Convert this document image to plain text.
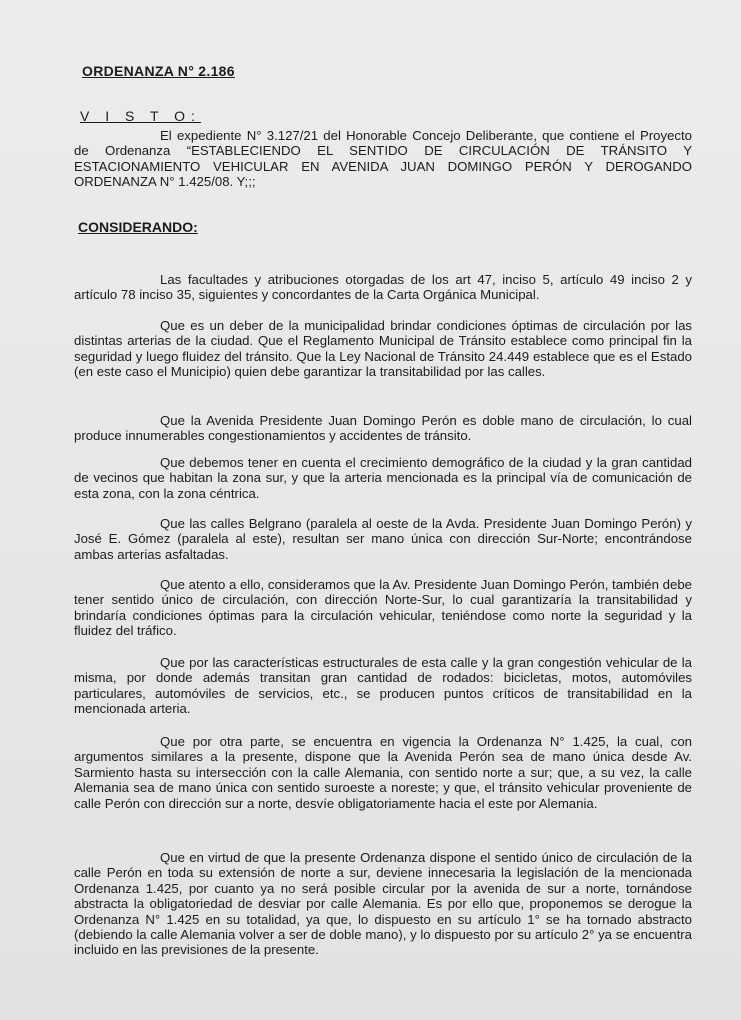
ORDENANZA N° 2.186
V I S T O:

El expediente N° 3.127/21 del Honorable Concejo Deliberante, que contiene el Proyecto de Ordenanza “ESTABLECIENDO EL SENTIDO DE CIRCULACIÓN DE TRÁNSITO Y ESTACIONAMIENTO VEHICULAR EN AVENIDA JUAN DOMINGO PERÓN Y DEROGANDO ORDENANZA N° 1.425/08. Y;;;

CONSIDERANDO:

Las facultades y atribuciones otorgadas de los art 47, inciso 5, artículo 49 inciso 2 y artículo 78 inciso 35, siguientes y concordantes de la Carta Orgánica Municipal.

Que es un deber de la municipalidad brindar condiciones óptimas de circulación por las distintas arterias de la ciudad. Que el Reglamento Municipal de Tránsito establece como principal fin la seguridad y luego fluidez del tránsito. Que la Ley Nacional de Tránsito 24.449 establece que es el Estado (en este caso el Municipio) quien debe garantizar la transitabilidad por las calles.

Que la Avenida Presidente Juan Domingo Perón es doble mano de circulación, lo cual produce innumerables congestionamientos y accidentes de tránsito.

Que debemos tener en cuenta el crecimiento demográfico de la ciudad y la gran cantidad de vecinos que habitan la zona sur, y que la arteria mencionada es la principal vía de comunicación de esta zona, con la zona céntrica.

Que las calles Belgrano (paralela al oeste de la Avda. Presidente Juan Domingo Perón) y José E. Gómez (paralela al este), resultan ser mano única con dirección Sur-Norte; encontrándose ambas arterias asfaltadas.

Que atento a ello, consideramos que la Av. Presidente Juan Domingo Perón, también debe tener sentido único de circulación, con dirección Norte-Sur, lo cual garantizaría la transitabilidad y brindaría condiciones óptimas para la circulación vehicular, teniéndose como norte la seguridad y la fluidez del tráfico.

Que por las características estructurales de esta calle y la gran congestión vehicular de la misma, por donde además transitan gran cantidad de rodados: bicicletas, motos, automóviles particulares, automóviles de servicios, etc., se producen puntos críticos de transitabilidad en la mencionada arteria.

Que por otra parte, se encuentra en vigencia la Ordenanza N° 1.425, la cual, con argumentos similares a la presente, dispone que la Avenida Perón sea de mano única desde Av. Sarmiento hasta su intersección con la calle Alemania, con sentido norte a sur; que, a su vez, la calle Alemania sea de mano única con sentido suroeste a noreste; y que, el tránsito vehicular proveniente de calle Perón con dirección sur a norte, desvíe obligatoriamente hacia el este por Alemania.

Que en virtud de que la presente Ordenanza dispone el sentido único de circulación de la calle Perón en toda su extensión de norte a sur, deviene innecesaria la legislación de la mencionada Ordenanza 1.425, por cuanto ya no será posible circular por la avenida de sur a norte, tornándose abstracta la obligatoriedad de desviar por calle Alemania. Es por ello que, proponemos se derogue la Ordenanza N° 1.425 en su totalidad, ya que, lo dispuesto en su artículo 1° se ha tornado abstracto (debiendo la calle Alemania volver a ser de doble mano), y lo dispuesto por su artículo 2° ya se encuentra incluido en las previsiones de la presente.
